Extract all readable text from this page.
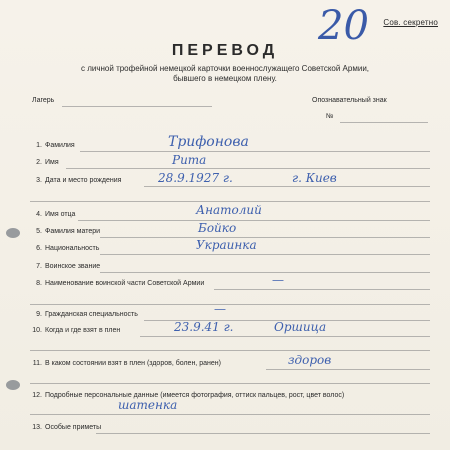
Сов. секретно
20
ПЕРЕВОД
с личной трофейной немецкой карточки военнослужащего Советской Армии,
бывшего в немецком плену.
Лагерь	Опознавательный знак
№
1. Фамилия	Трифонова
2. Имя	Рита
3. Дата и место рождения	28.9.1927 г.	г. Киев
4. Имя отца	Анатолий
5. Фамилия матери	Бойко
6. Национальность	Украинка
7. Воинское звание
8. Наименование воинской части Советской Армии	—
9. Гражданская специальность	—
10. Когда и где взят в плен	23.9.41 г.	Оршица
11. В каком состоянии взят в плен (здоров, болен, ранен)	здоров
12. Подробные персональные данные (имеется фотография, оттиск пальцев, рост, цвет волос)
шатенка
13. Особые приметы
